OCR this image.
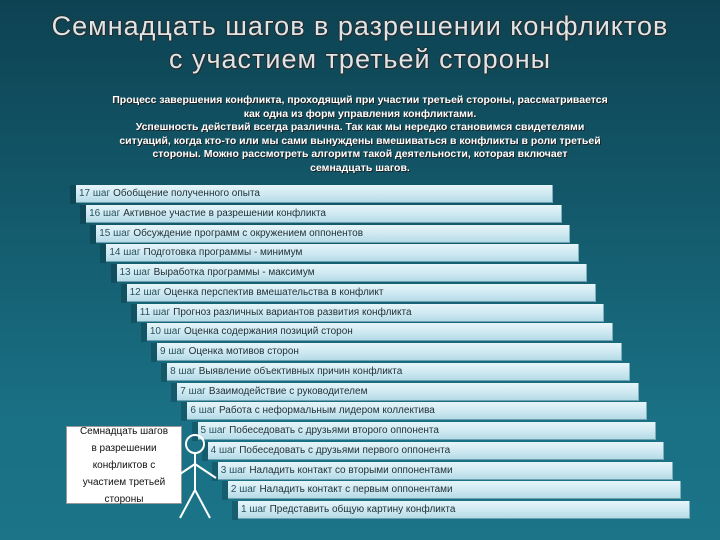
Семнадцать шагов в разрешении конфликтов
с участием третьей стороны
Процесс завершения конфликта, проходящий при участии третьей стороны, рассматривается
как одна из форм управления конфликтами.
Успешность действий всегда различна. Так как мы нередко становимся свидетелями
ситуаций, когда кто-то или мы сами вынуждены вмешиваться в конфликты в роли третьей
стороны. Можно рассмотреть алгоритм такой деятельности, которая включает
семнадцать шагов.
17 шаг Обобщение полученного опыта
16 шаг Активное участие в разрешении конфликта
15 шаг Обсуждение программ с окружением оппонентов
14 шаг Подготовка программы - минимум
13 шаг Выработка программы - максимум
12 шаг Оценка перспектив вмешательства в конфликт
11 шаг Прогноз различных вариантов развития конфликта
10 шаг Оценка содержания позиций сторон
9 шаг Оценка мотивов сторон
8 шаг Выявление объективных причин конфликта
7 шаг Взаимодействие с руководителем
6 шаг Работа с неформальным лидером коллектива
5 шаг Побеседовать с друзьями второго оппонента
4 шаг Побеседовать с друзьями первого оппонента
3 шаг Наладить контакт со вторыми оппонентами
2 шаг Наладить контакт с первым оппонентами
1 шаг Представить общую картину конфликта
Семнадцать шагов
в разрешении
конфликтов с
участием третьей
стороны
